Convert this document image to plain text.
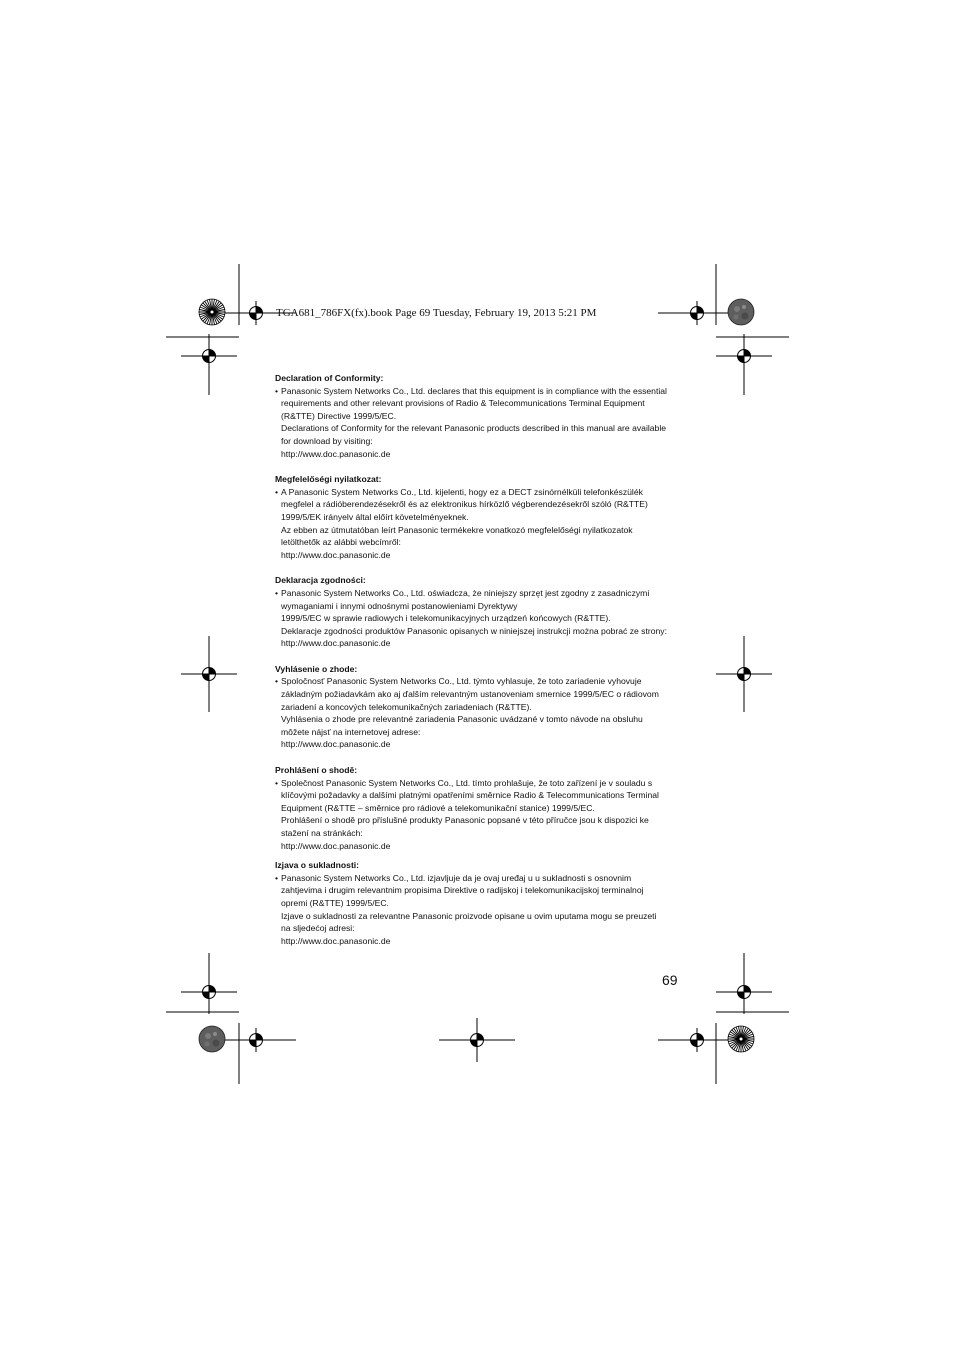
TGA681_786FX(fx).book Page 69 Tuesday, February 19, 2013 5:21 PM

Declaration of Conformity:

• Panasonic System Networks Co., Ltd. declares that this equipment is in compliance with the essential
requirements and other relevant provisions of Radio & Telecommunications Terminal Equipment
(R&TTE) Directive 1999/5/EC.
Declarations of Conformity for the relevant Panasonic products described in this manual are available
for download by visiting:
http://www.doc.panasonic.de

Megfelelőségi nyilatkozat:

• A Panasonic System Networks Co., Ltd. kijelenti, hogy ez a DECT zsinórnélküli telefonkészülék
megfelel a rádióberendezésekről és az elektronikus hírközlő végberendezésekről szóló (R&TTE)
1999/5/EK irányelv által előírt követelményeknek.
Az ebben az útmutatóban leírt Panasonic termékekre vonatkozó megfelelőségi nyilatkozatok
letölthetők az alábbi webcímről:
http://www.doc.panasonic.de

Deklaracja zgodności:

• Panasonic System Networks Co., Ltd. oświadcza, że niniejszy sprzęt jest zgodny z zasadniczymi
wymaganiami i innymi odnośnymi postanowieniami Dyrektywy
1999/5/EC w sprawie radiowych i telekomunikacyjnych urządzeń końcowych (R&TTE).
Deklaracje zgodności produktów Panasonic opisanych w niniejszej instrukcji można pobrać ze strony:
http://www.doc.panasonic.de

Vyhlásenie o zhode:

• Spoločnosť Panasonic System Networks Co., Ltd. týmto vyhlasuje, že toto zariadenie vyhovuje
základným požiadavkám ako aj ďalším relevantným ustanoveniam smernice 1999/5/EC o rádiovom
zariadení a koncových telekomunikačných zariadeniach (R&TTE).
Vyhlásenia o zhode pre relevantné zariadenia Panasonic uvádzané v tomto návode na obsluhu
môžete nájsť na internetovej adrese:
http://www.doc.panasonic.de

Prohlášení o shodě:

• Společnost Panasonic System Networks Co., Ltd. tímto prohlašuje, že toto zařízení je v souladu s
klíčovými požadavky a dalšími platnými opatřeními směrnice Radio & Telecommunications Terminal
Equipment (R&TTE – směrnice pro rádiové a telekomunikační stanice) 1999/5/EC.
Prohlášení o shodě pro příslušné produkty Panasonic popsané v této příručce jsou k dispozici ke
stažení na stránkách:
http://www.doc.panasonic.de

Izjava o sukladnosti:

• Panasonic System Networks Co., Ltd. izjavljuje da je ovaj uređaj u u sukladnosti s osnovnim
zahtjevima i drugim relevantnim propisima Direktive o radijskoj i telekomunikacijskoj terminalnoj
opremi (R&TTE) 1999/5/EC.
Izjave o sukladnosti za relevantne Panasonic proizvode opisane u ovim uputama mogu se preuzeti
na sljedećoj adresi:
http://www.doc.panasonic.de
69
